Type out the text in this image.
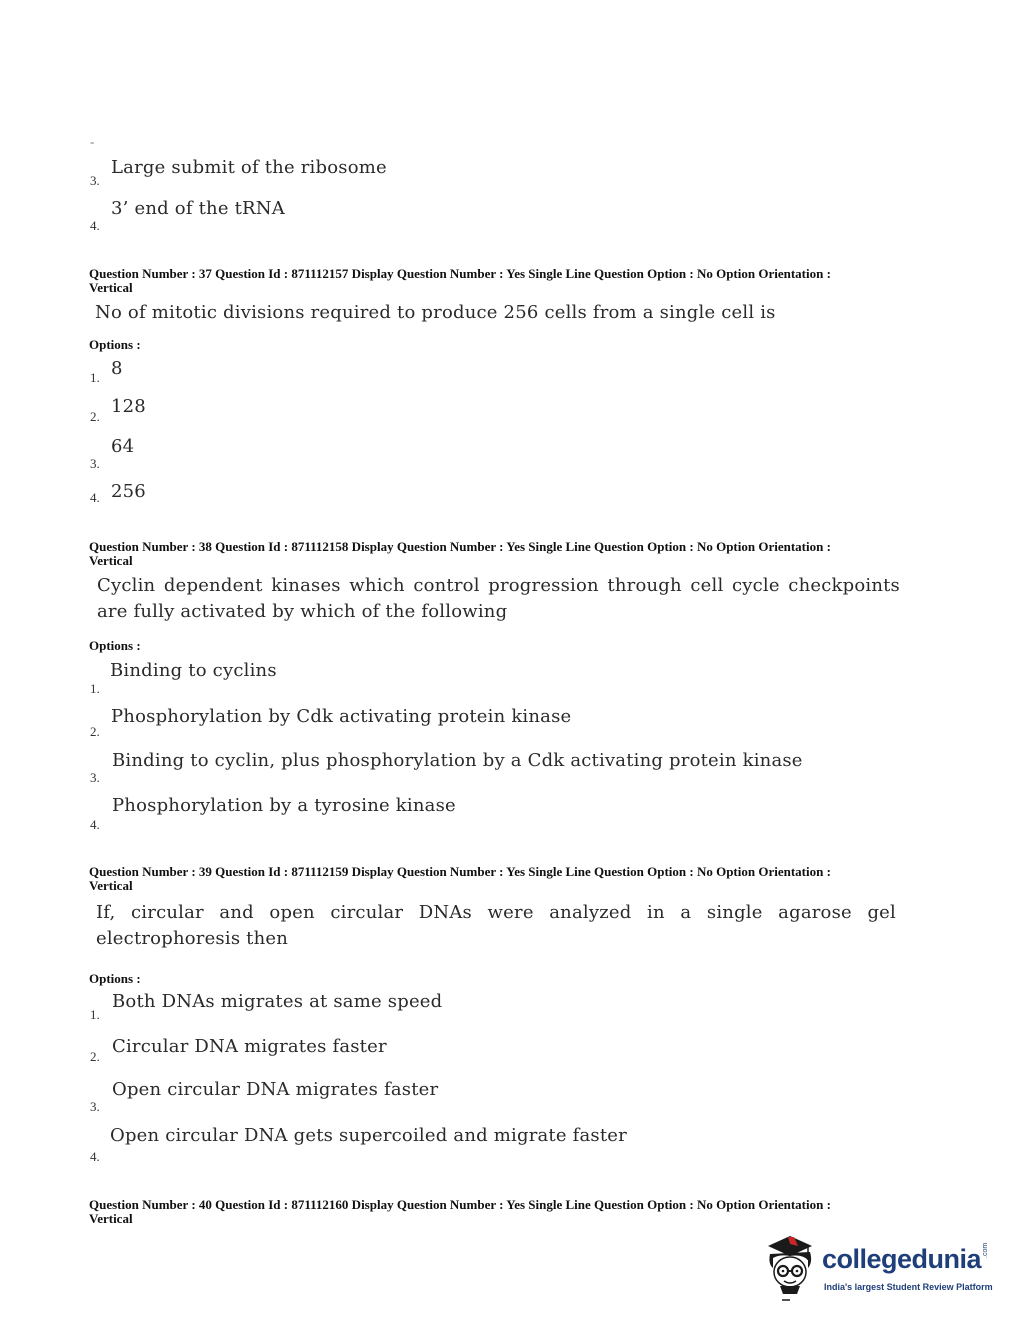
-
3.
Large submit of the ribosome
4.
3’ end of the tRNA
Question Number : 37 Question Id : 871112157 Display Question Number : Yes Single Line Question Option : No Option Orientation : Vertical
No of mitotic divisions required to produce 256 cells from a single cell is
Options :
1. 8
2. 128
3.
64
4. 256
Question Number : 38 Question Id : 871112158 Display Question Number : Yes Single Line Question Option : No Option Orientation : Vertical
Cyclin dependent kinases which control progression through cell cycle checkpoints are fully activated by which of the following
Options :
1.
Binding to cyclins
2.
Phosphorylation by Cdk activating protein kinase
3.
Binding to cyclin, plus phosphorylation by a Cdk activating protein kinase
4.
Phosphorylation by a tyrosine kinase
Question Number : 39 Question Id : 871112159 Display Question Number : Yes Single Line Question Option : No Option Orientation : Vertical
If, circular and open circular DNAs were analyzed in a single agarose gel electrophoresis then
Options :
1.
Both DNAs migrates at same speed
2. Circular DNA migrates faster
3.
Open circular DNA migrates faster
4.
Open circular DNA gets supercoiled and migrate faster
Question Number : 40 Question Id : 871112160 Display Question Number : Yes Single Line Question Option : No Option Orientation : Vertical
collegedunia
India's largest Student Review Platform
.com
